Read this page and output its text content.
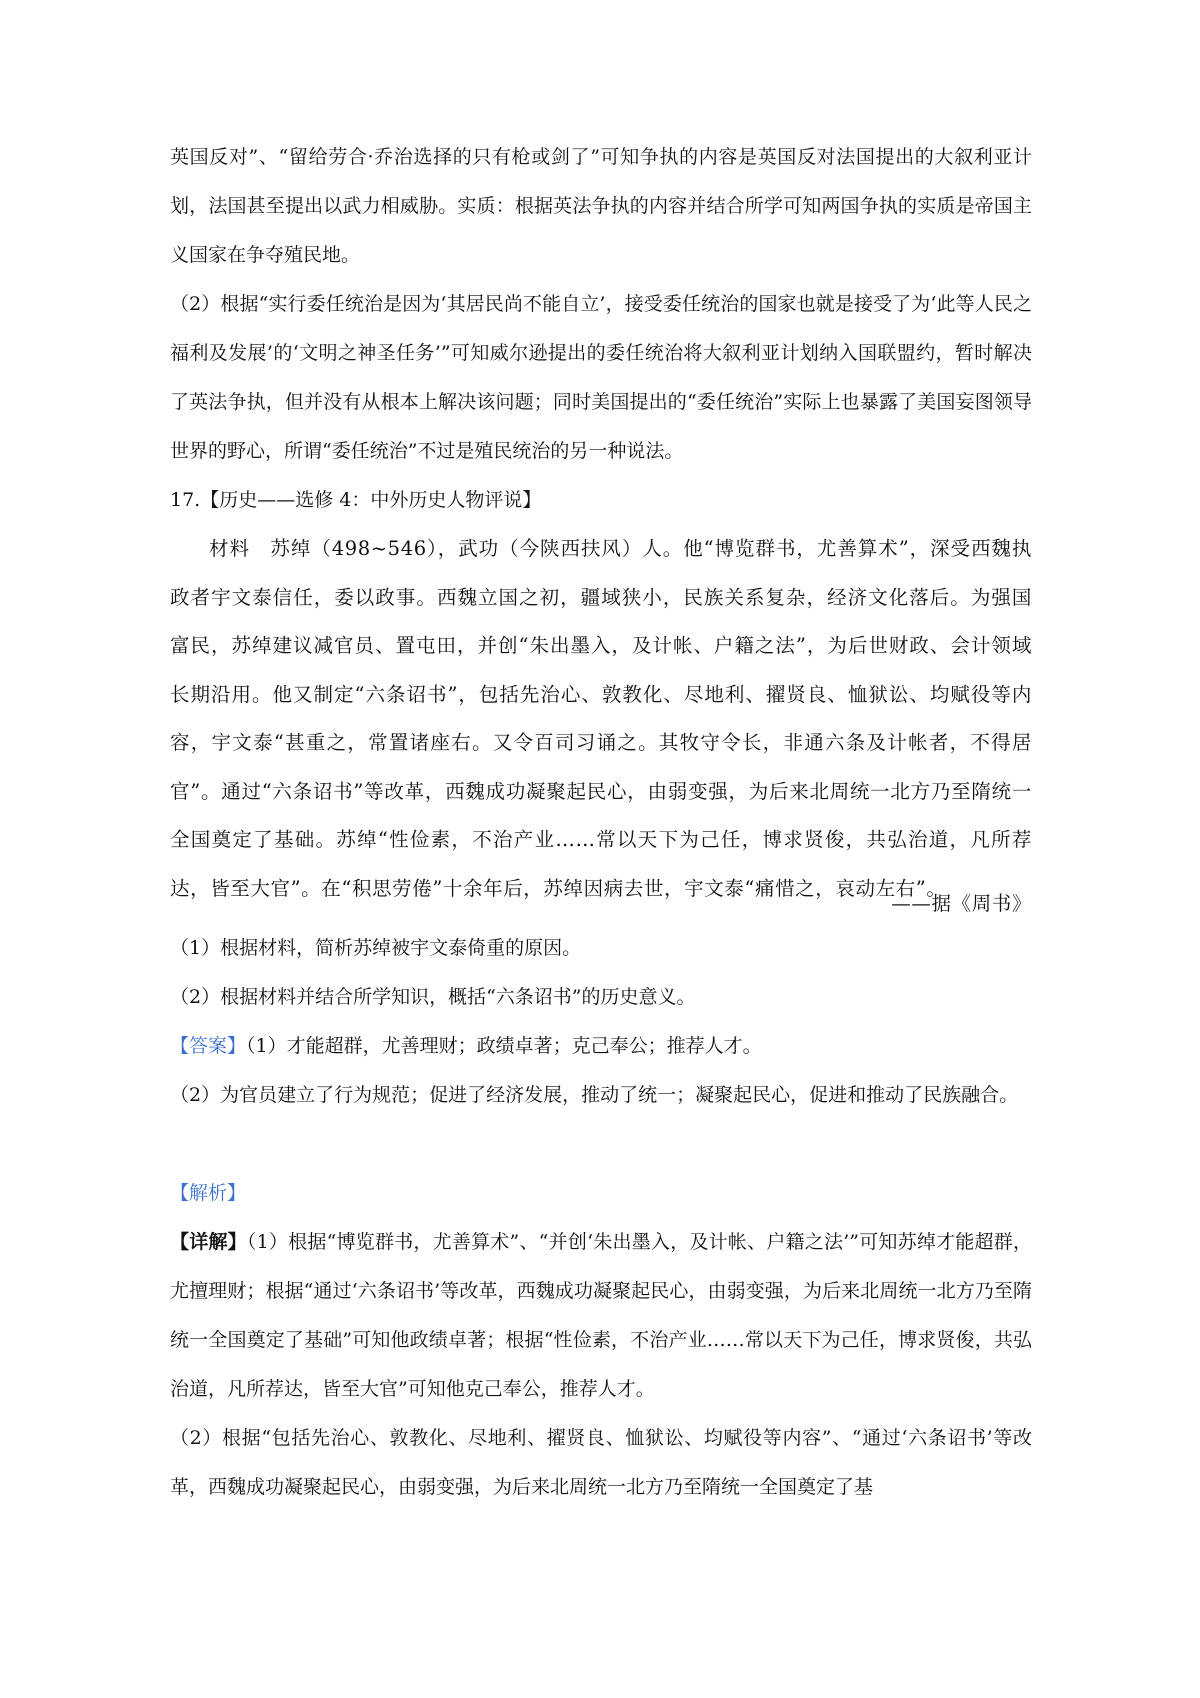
英国反对”、“留给劳合·乔治选择的只有枪或剑了”可知争执的内容是英国反对法国提出的大叙利亚计划，法国甚至提出以武力相威胁。实质：根据英法争执的内容并结合所学可知两国争执的实质是帝国主义国家在争夺殖民地。

（2）根据“实行委任统治是因为‘其居民尚不能自立’，接受委任统治的国家也就是接受了为‘此等人民之福利及发展’的‘文明之神圣任务’”可知威尔逊提出的委任统治将大叙利亚计划纳入国联盟约，暂时解决了英法争执，但并没有从根本上解决该问题；同时美国提出的“委任统治”实际上也暴露了美国妄图领导世界的野心，所谓“委任统治”不过是殖民统治的另一种说法。

17.【历史——选修 4：中外历史人物评说】

材料　苏绰（498~546），武功（今陕西扶风）人。他“博览群书，尤善算术”，深受西魏执政者宇文泰信任，委以政事。西魏立国之初，疆域狭小，民族关系复杂，经济文化落后。为强国富民，苏绰建议减官员、置屯田，并创“朱出墨入，及计帐、户籍之法”，为后世财政、会计领域长期沿用。他又制定“六条诏书”，包括先治心、敦教化、尽地利、擢贤良、恤狱讼、均赋役等内容，宇文泰“甚重之，常置诸座右。又令百司习诵之。其牧守令长，非通六条及计帐者，不得居官”。通过“六条诏书”等改革，西魏成功凝聚起民心，由弱变强，为后来北周统一北方乃至隋统一全国奠定了基础。苏绰“性俭素，不治产业……常以天下为己任，博求贤俊，共弘治道，凡所荐达，皆至大官”。在“积思劳倦”十余年后，苏绰因病去世，宇文泰“痛惜之，哀动左右”。

——据《周书》

（1）根据材料，简析苏绰被宇文泰倚重的原因。

（2）根据材料并结合所学知识，概括“六条诏书”的历史意义。

【答案】（1）才能超群，尤善理财；政绩卓著；克己奉公；推荐人才。

（2）为官员建立了行为规范；促进了经济发展，推动了统一；凝聚起民心，促进和推动了民族融合。

【解析】

【详解】（1）根据“博览群书，尤善算术”、“并创‘朱出墨入，及计帐、户籍之法’”可知苏绰才能超群，尤擅理财；根据“通过‘六条诏书’等改革，西魏成功凝聚起民心，由弱变强，为后来北周统一北方乃至隋统一全国奠定了基础”可知他政绩卓著；根据“性俭素，不治产业……常以天下为己任，博求贤俊，共弘治道，凡所荐达，皆至大官”可知他克己奉公，推荐人才。

（2）根据“包括先治心、敦教化、尽地利、擢贤良、恤狱讼、均赋役等内容”、“通过‘六条诏书’等改革，西魏成功凝聚起民心，由弱变强，为后来北周统一北方乃至隋统一全国奠定了基
